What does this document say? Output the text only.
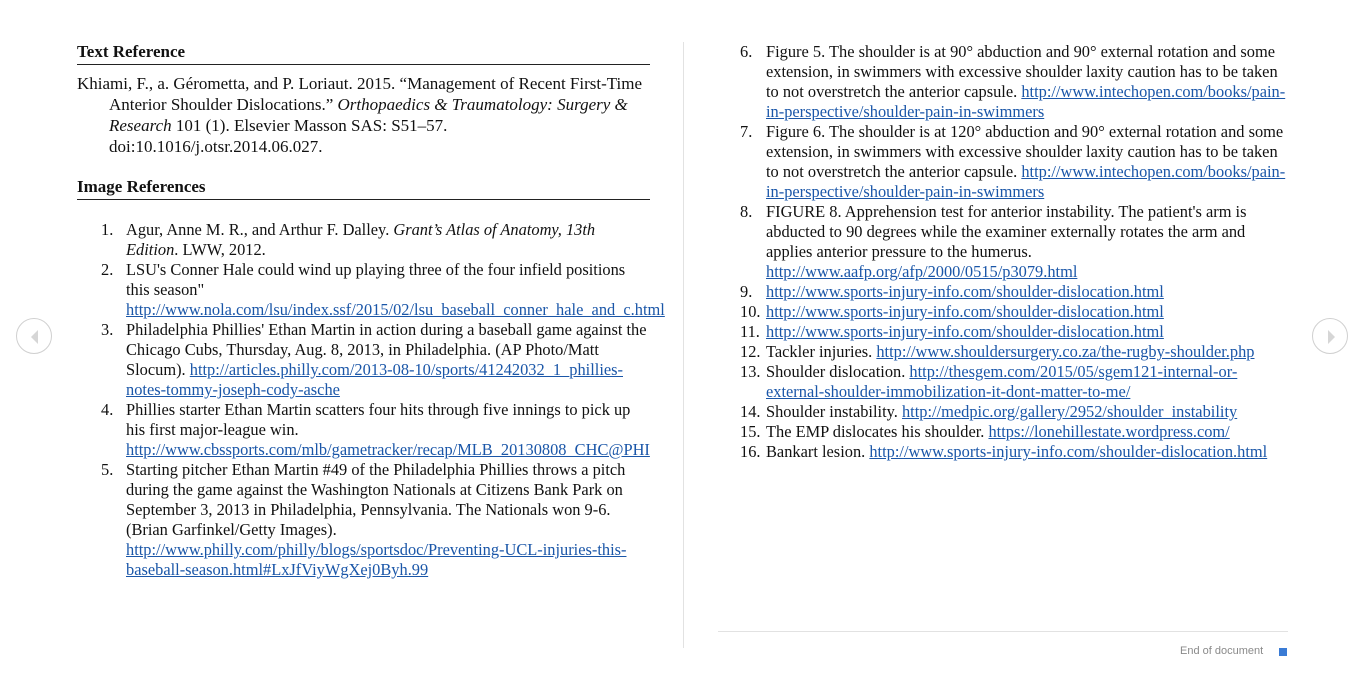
Text Reference

Khiami, F., a. Gérometta, and P. Loriaut. 2015. “Management of Recent First-Time Anterior Shoulder Dislocations.” Orthopaedics & Traumatology: Surgery & Research 101 (1). Elsevier Masson SAS: S51–57. doi:10.1016/j.otsr.2014.06.027.

Image References
1. Agur, Anne M. R., and Arthur F. Dalley. Grant’s Atlas of Anatomy, 13th Edition. LWW, 2012.
2. LSU's Conner Hale could wind up playing three of the four infield positions this season" http://www.nola.com/lsu/index.ssf/2015/02/lsu_baseball_conner_hale_and_c.html
3. Philadelphia Phillies' Ethan Martin in action during a baseball game against the Chicago Cubs, Thursday, Aug. 8, 2013, in Philadelphia. (AP Photo/Matt Slocum). http://articles.philly.com/2013-08-10/sports/41242032_1_phillies-notes-tommy-joseph-cody-asche
4. Phillies starter Ethan Martin scatters four hits through five innings to pick up his first major-league win. http://www.cbssports.com/mlb/gametracker/recap/MLB_20130808_CHC@PHI
5. Starting pitcher Ethan Martin #49 of the Philadelphia Phillies throws a pitch during the game against the Washington Nationals at Citizens Bank Park on September 3, 2013 in Philadelphia, Pennsylvania. The Nationals won 9-6. (Brian Garfinkel/Getty Images). http://www.philly.com/philly/blogs/sportsdoc/Preventing-UCL-injuries-this-baseball-season.html#LxJfViyWgXej0Byh.99
6. Figure 5. The shoulder is at 90° abduction and 90° external rotation and some extension, in swimmers with excessive shoulder laxity caution has to be taken to not overstretch the anterior capsule. http://www.intechopen.com/books/pain-in-perspective/shoulder-pain-in-swimmers
7. Figure 6. The shoulder is at 120° abduction and 90° external rotation and some extension, in swimmers with excessive shoulder laxity caution has to be taken to not overstretch the anterior capsule. http://www.intechopen.com/books/pain-in-perspective/shoulder-pain-in-swimmers
8. FIGURE 8. Apprehension test for anterior instability. The patient's arm is abducted to 90 degrees while the examiner externally rotates the arm and applies anterior pressure to the humerus. http://www.aafp.org/afp/2000/0515/p3079.html
9. http://www.sports-injury-info.com/shoulder-dislocation.html
10. http://www.sports-injury-info.com/shoulder-dislocation.html
11. http://www.sports-injury-info.com/shoulder-dislocation.html
12. Tackler injuries. http://www.shouldersurgery.co.za/the-rugby-shoulder.php
13. Shoulder dislocation. http://thesgem.com/2015/05/sgem121-internal-or-external-shoulder-immobilization-it-dont-matter-to-me/
14. Shoulder instability. http://medpic.org/gallery/2952/shoulder_instability
15. The EMP dislocates his shoulder. https://lonehillestate.wordpress.com/
16. Bankart lesion. http://www.sports-injury-info.com/shoulder-dislocation.html
End of document
